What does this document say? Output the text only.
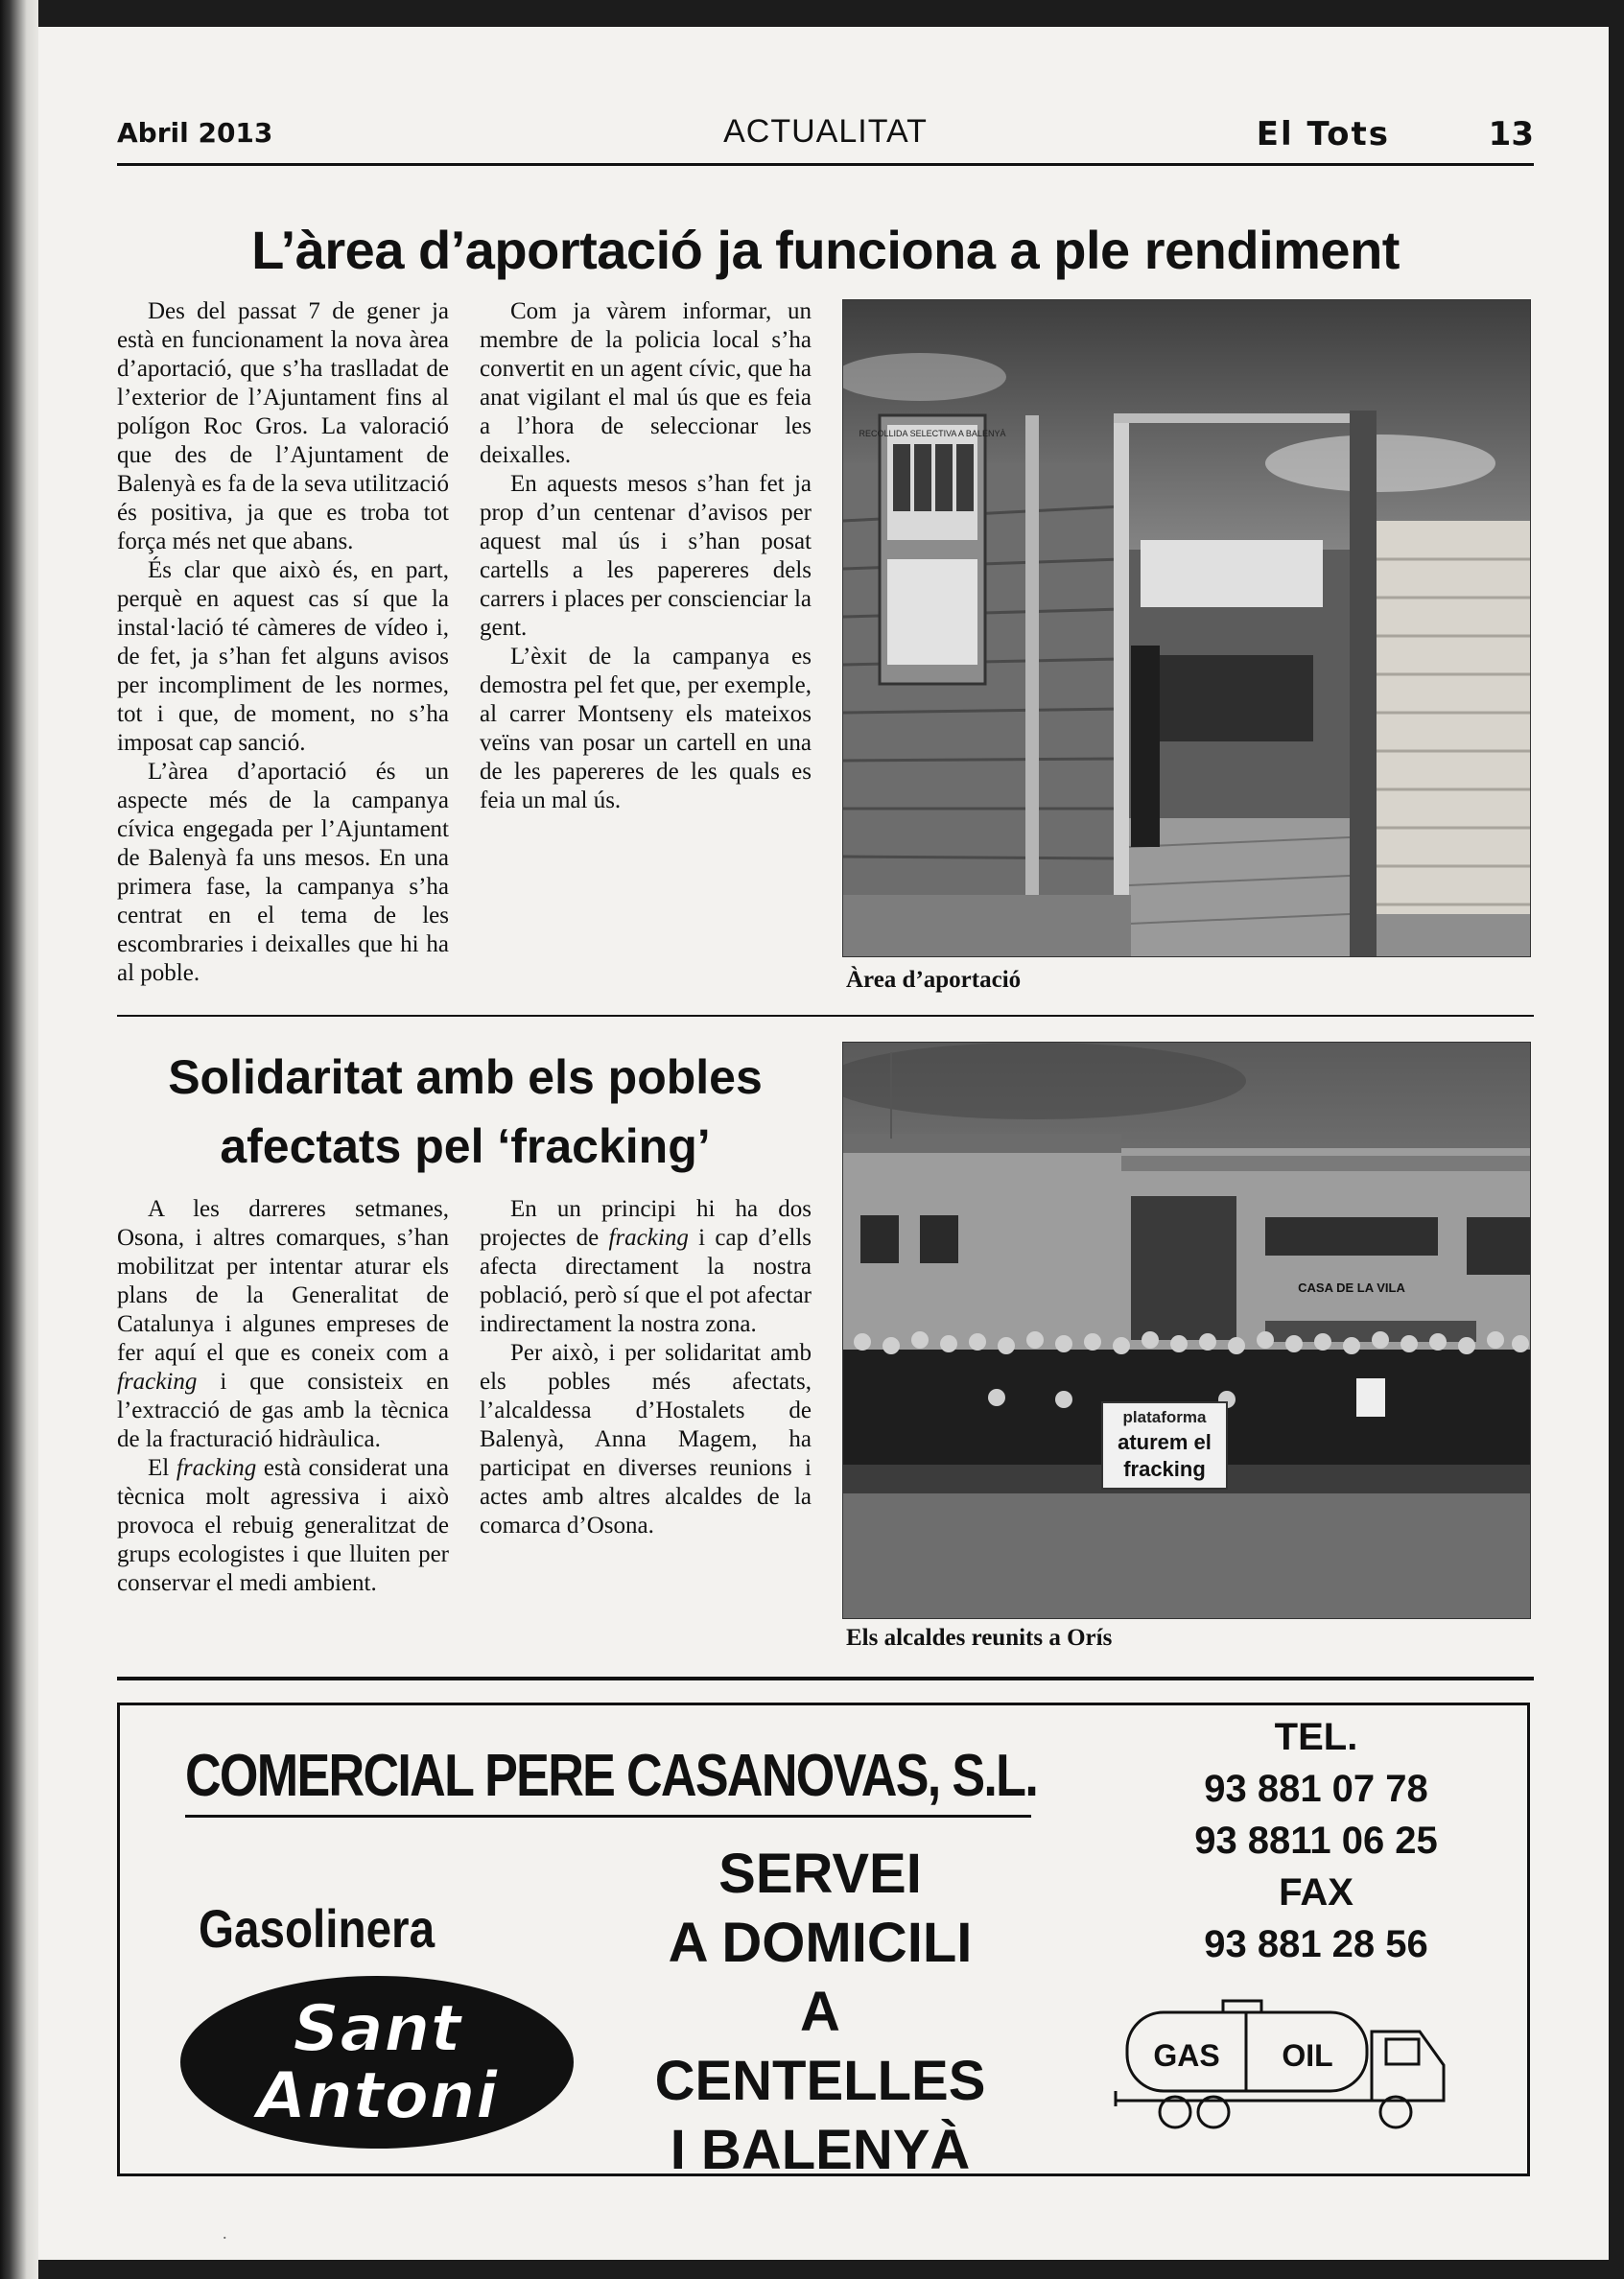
Abril 2013	ACTUALITAT	El Tots	13
L’àrea d’aportació ja funciona a ple rendiment

Des del passat 7 de gener ja està en funcionament la nova àrea d’aportació, que s’ha traslladat de l’exterior de l’Ajuntament fins al polígon Roc Gros. La valoració que des de l’Ajuntament de Balenyà es fa de la seva utilització és positiva, ja que es troba tot força més net que abans.

És clar que això és, en part, perquè en aquest cas sí que la instal·lació té càmeres de vídeo i, de fet, ja s’han fet alguns avisos per incompliment de les normes, tot i que, de moment, no s’ha imposat cap sanció.

Com ja vàrem informar, un membre de la policia local s’ha convertit en un agent cívic, que ha anat vigilant el mal ús que es feia a l’hora de seleccionar les deixalles.

En aquests mesos s’han fet ja prop d’un centenar d’avisos per aquest mal ús i s’han posat cartells a les papereres dels carrers i places per conscienciar la gent.

L’èxit de la campanya es demostra pel fet que, per exemple, al carrer Montseny els mateixos veïns van posar un cartell en una de les papereres de les quals es feia un mal ús.

RECOLLIDA SELECTIVA A BALENYÀ
Àrea d’aportació
Solidaritat amb els pobles
afectats pel ‘fracking’

A les darreres setmanes, Osona, i altres comarques, s’han mobilitzat per intentar aturar els plans de la Generalitat de Catalunya i algunes empreses de fer aquí el que es coneix com a fracking i que consisteix en l’extracció de gas amb la tècnica de la fracturació hidràulica.

El fracking està considerat una tècnica molt agressiva i això provoca el rebuig generalitzat de grups ecologistes i que lluiten per conservar el medi ambient.

En un principi hi ha dos projectes de fracking i cap d’ells afecta directament la nostra població, però sí que el pot afectar indirectament la nostra zona.

Per això, i per solidaritat amb els pobles més afectats, l’alcaldessa d’Hostalets de Balenyà, Anna Magem, ha participat en diverses reunions i actes amb altres alcaldes de la comarca d’Osona.

CASA DE LA VILA
plataforma
aturem el
fracking
Els alcaldes reunits a Orís
COMERCIAL PERE CASANOVAS, S.L.
Gasolinera
Sant
Antoni
SERVEI
A DOMICILI
A CENTELLES
I BALENYÀ
TEL.
93 881 07 78
93 8811 06 25
FAX
93 881 28 56
GAS OIL
.
